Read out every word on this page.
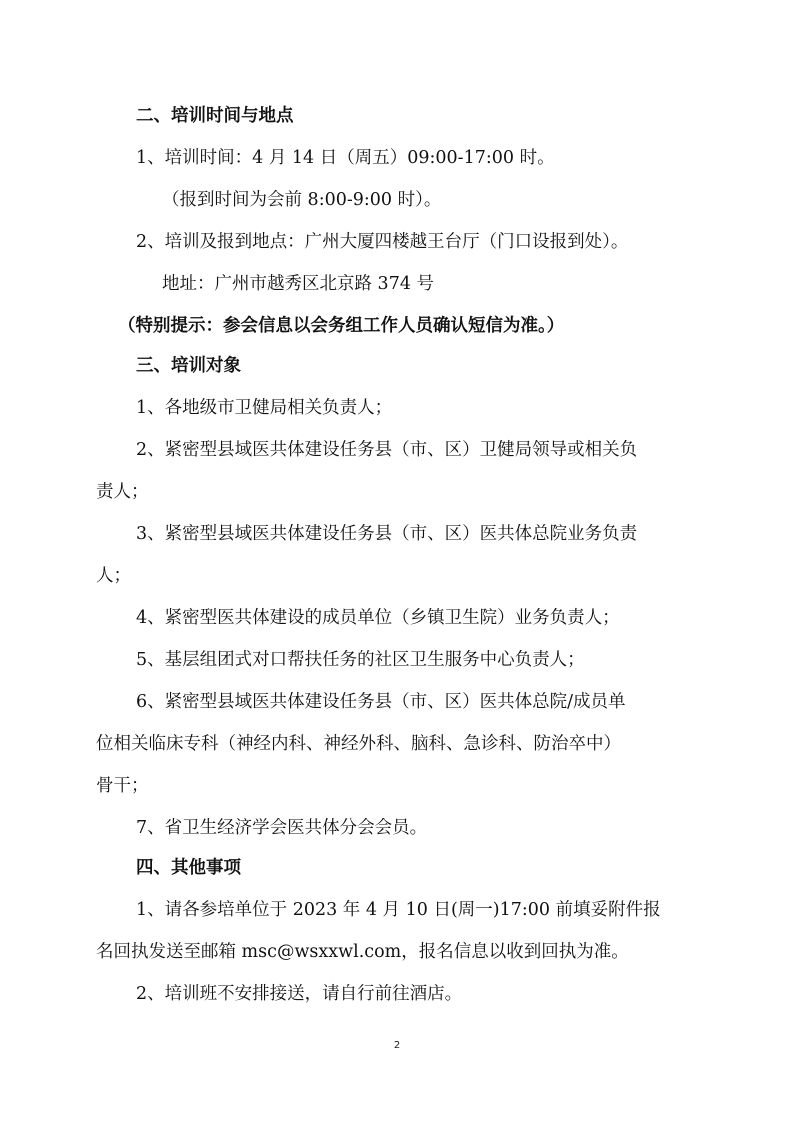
二、培训时间与地点
1、培训时间：4 月 14 日（周五）09:00-17:00 时。
（报到时间为会前 8:00-9:00 时）。
2、培训及报到地点：广州大厦四楼越王台厅（门口设报到处）。
地址：广州市越秀区北京路 374 号
（特别提示：参会信息以会务组工作人员确认短信为准。）
三、培训对象
1、各地级市卫健局相关负责人；
2、紧密型县域医共体建设任务县（市、区）卫健局领导或相关负
责人；
3、紧密型县域医共体建设任务县（市、区）医共体总院业务负责
人；
4、紧密型医共体建设的成员单位（乡镇卫生院）业务负责人；
5、基层组团式对口帮扶任务的社区卫生服务中心负责人；
6、紧密型县域医共体建设任务县（市、区）医共体总院/成员单
位相关临床专科（神经内科、神经外科、脑科、急诊科、防治卒中）
骨干；
7、省卫生经济学会医共体分会会员。
四、其他事项
1、请各参培单位于 2023 年 4 月 10 日(周一)17:00 前填妥附件报
名回执发送至邮箱 msc@wsxxwl.com，报名信息以收到回执为准。
2、培训班不安排接送，请自行前往酒店。
2
